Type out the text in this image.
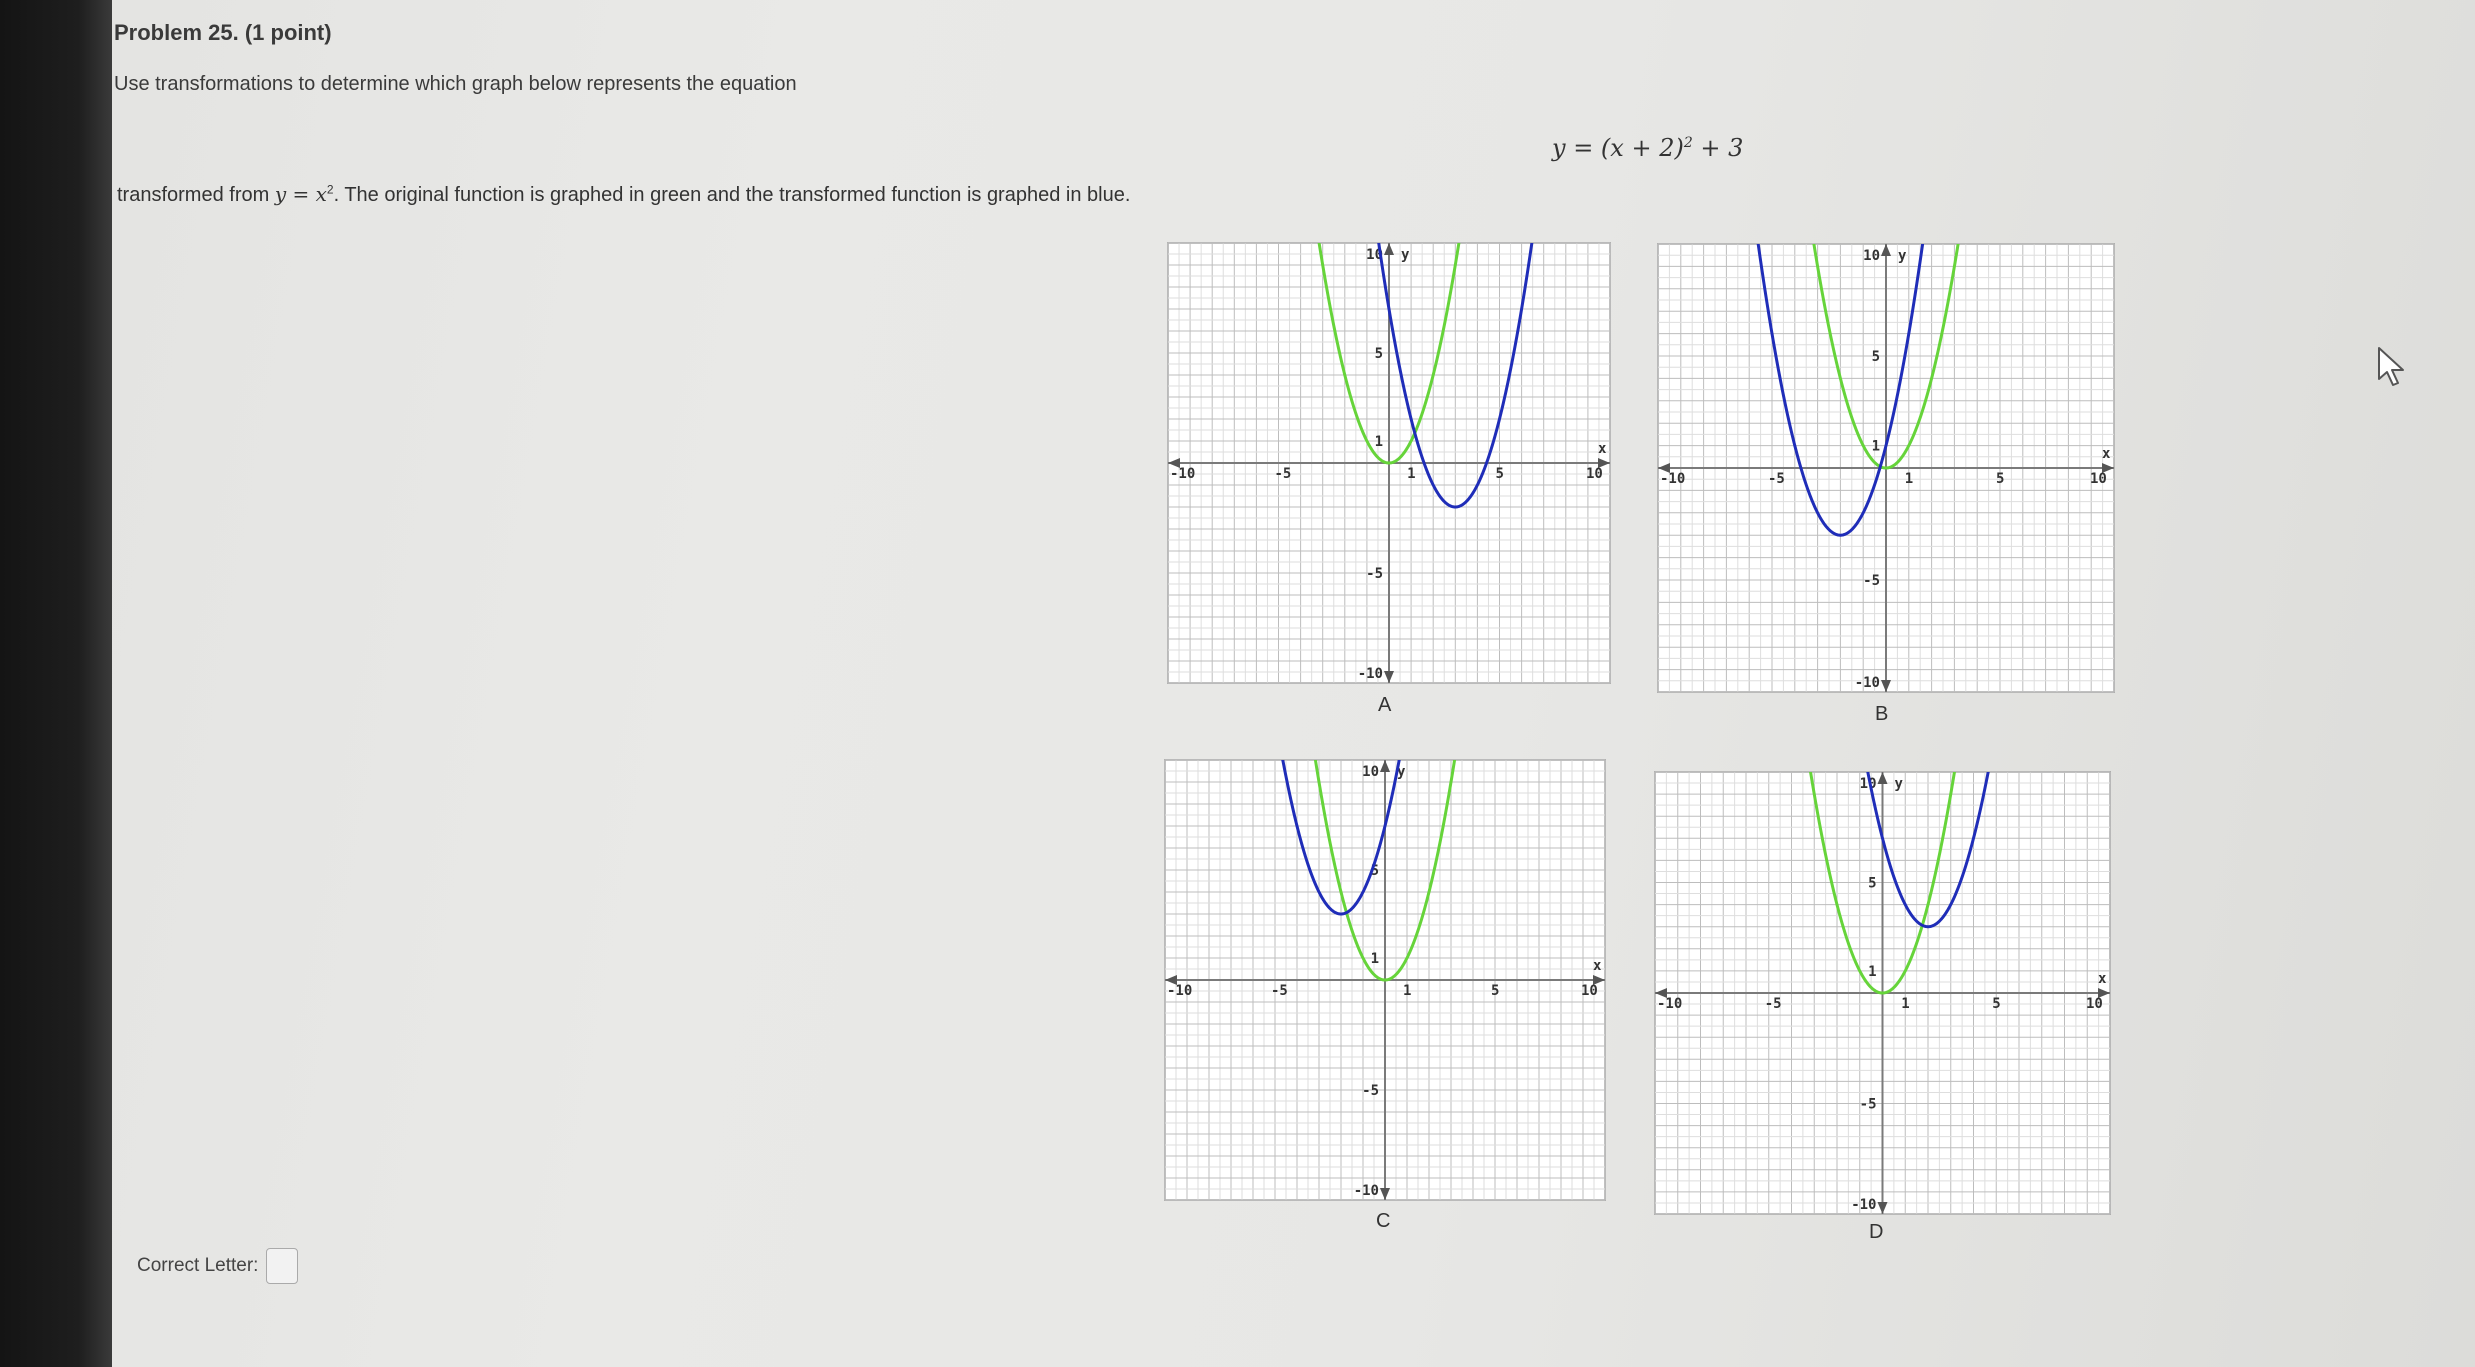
Problem 25. (1 point)
Use transformations to determine which graph below represents the equation
$y = (x + 2)^2 + 3$
transformed from $y = x^2$. The original function is graphed in green and the transformed function is graphed in blue.
-10	-5	1	5	10
10
5
1
-5
-10
y
x
A
-10	-5	1	5	10
10
5
1
-5
-10
y
x
B
-10	-5	1	5	10
10
5
1
-5
-10
y
x
C
-10	-5	1	5	10
10
5
1
-5
-10
y
x
D
Correct Letter:
